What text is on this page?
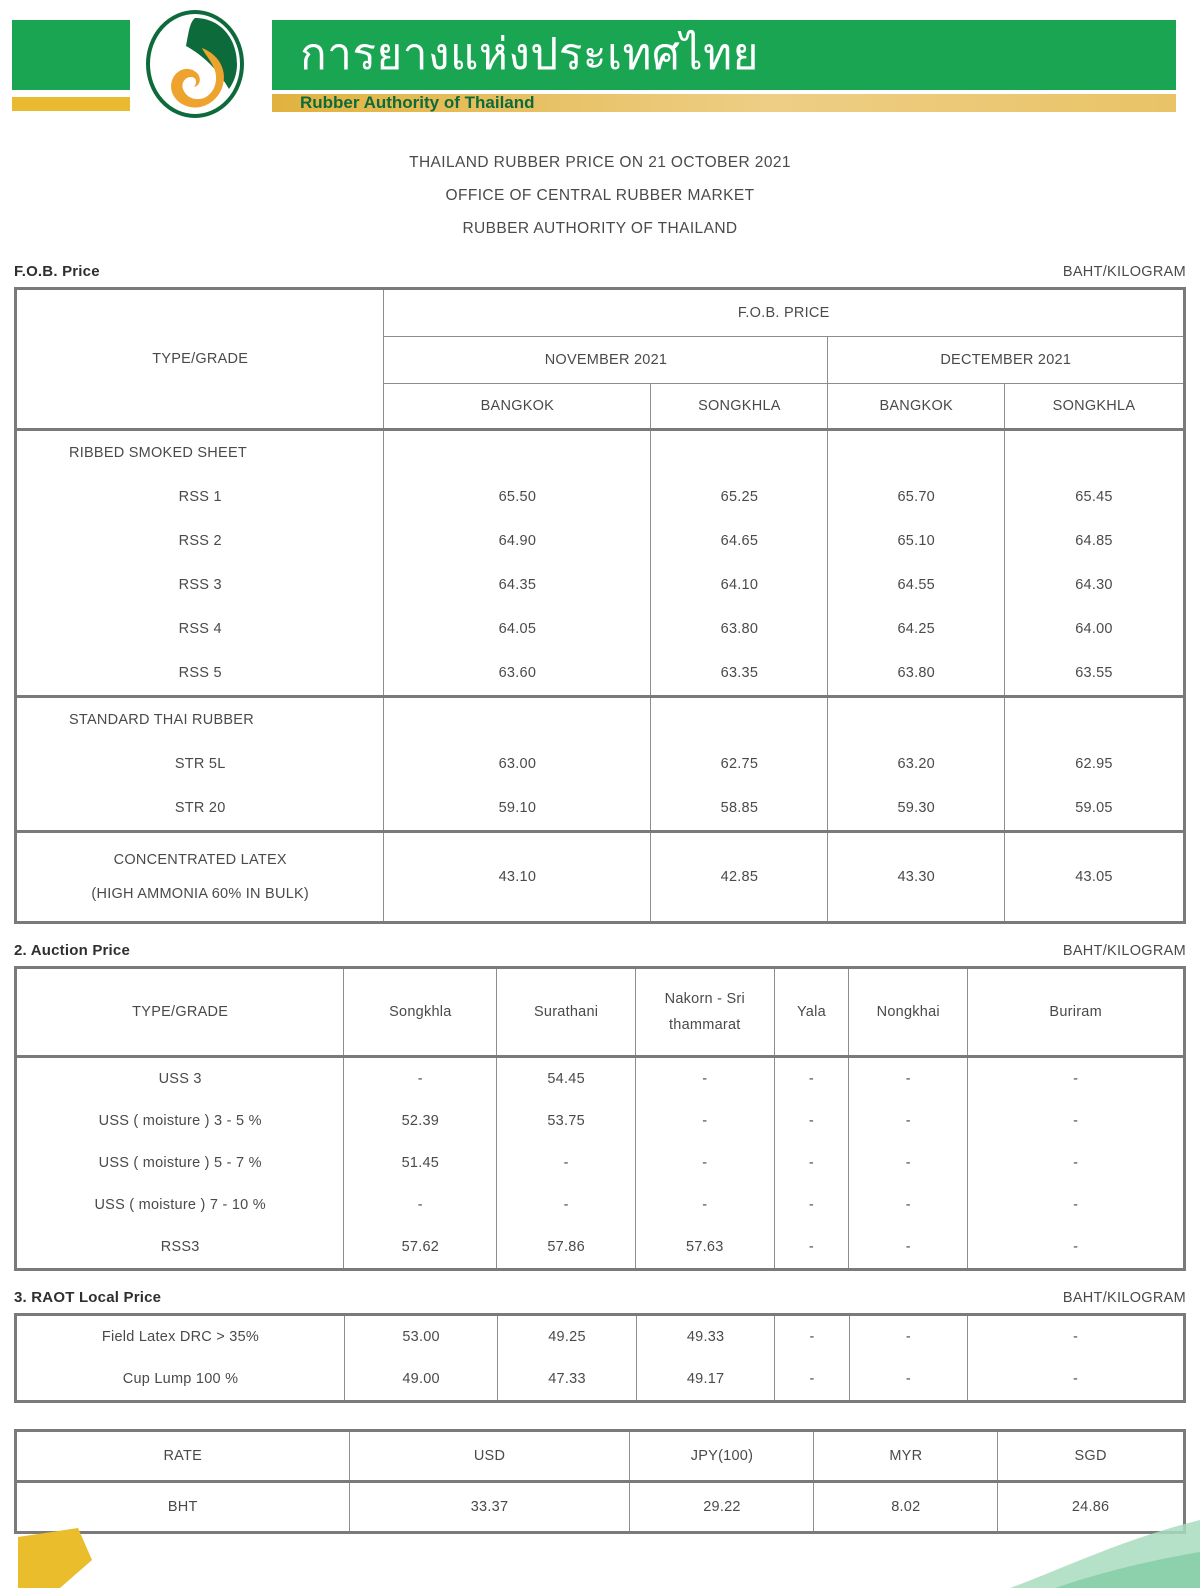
การยางแห่งประเทศไทย
Rubber Authority of Thailand
THAILAND RUBBER PRICE ON 21 OCTOBER 2021
OFFICE OF CENTRAL RUBBER MARKET
RUBBER AUTHORITY OF THAILAND
F.O.B. Price	BAHT/KILOGRAM
TYPE/GRADE	F.O.B. PRICE			
	NOVEMBER 2021		DECTEMBER 2021	
	BANGKOK	SONGKHLA	BANGKOK	SONGKHLA
RIBBED SMOKED SHEET				
RSS 1	65.50	65.25	65.70	65.45
RSS 2	64.90	64.65	65.10	64.85
RSS 3	64.35	64.10	64.55	64.30
RSS 4	64.05	63.80	64.25	64.00
RSS 5	63.60	63.35	63.80	63.55
STANDARD THAI RUBBER				
STR 5L	63.00	62.75	63.20	62.95
STR 20	59.10	58.85	59.30	59.05

CONCENTRATED LATEX
(HIGH AMMONIA 60% IN BULK)	43.10	42.85	43.30	43.05
2. Auction Price	BAHT/KILOGRAM
TYPE/GRADE	Songkhla	Surathani	Nakorn - Sri
thammarat	Yala	Nongkhai	Buriram
USS 3	-	54.45	-	-	-	-
USS ( moisture ) 3 - 5 %	52.39	53.75	-	-	-	-
USS ( moisture ) 5 - 7 %	51.45	-	-	-	-	-
USS ( moisture ) 7 - 10 %	-	-	-	-	-	-
RSS3	57.62	57.86	57.63	-	-	-
3. RAOT Local Price	BAHT/KILOGRAM
Field Latex DRC > 35%	53.00	49.25	49.33	-	-	-
Cup Lump 100 %	49.00	47.33	49.17	-	-	-
RATE	USD	JPY(100)	MYR	SGD
BHT	33.37	29.22	8.02	24.86
